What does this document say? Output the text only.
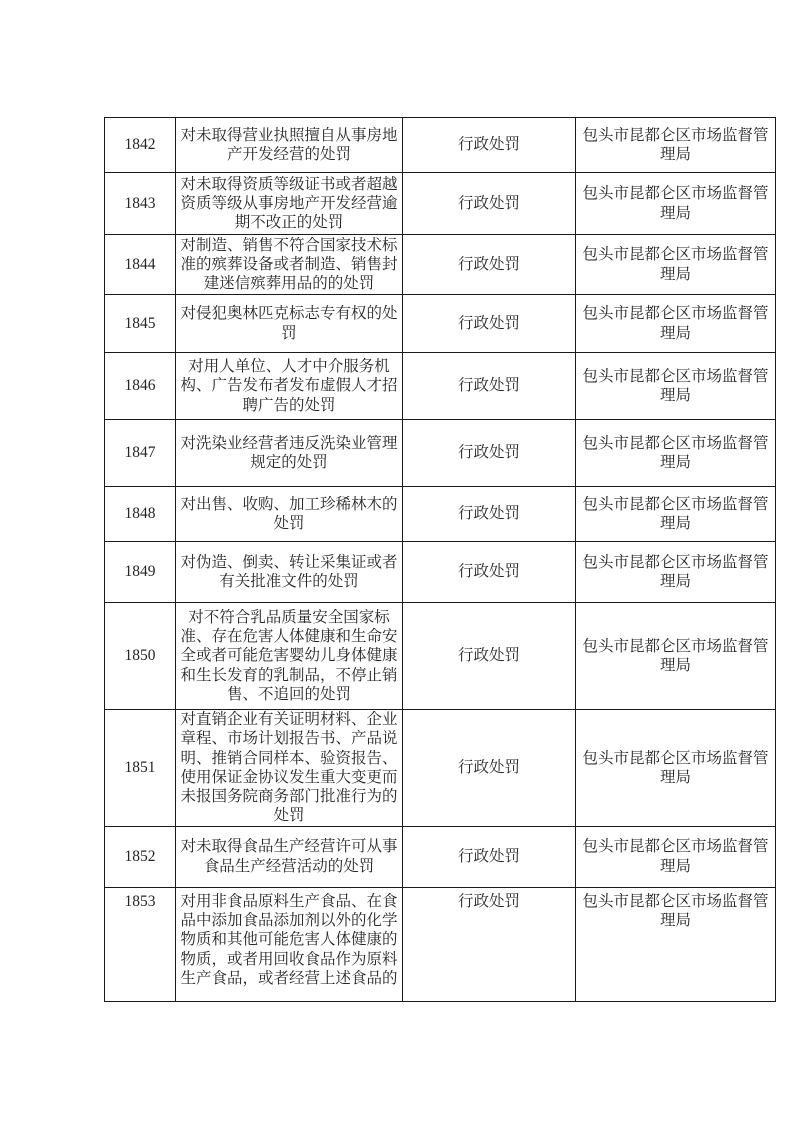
1842	对未取得营业执照擅自从事房地产开发经营的处罚	行政处罚	包头市昆都仑区市场监督管理局
1843	对未取得资质等级证书或者超越资质等级从事房地产开发经营逾期不改正的处罚	行政处罚	包头市昆都仑区市场监督管理局
1844	对制造、销售不符合国家技术标准的殡葬设备或者制造、销售封建迷信殡葬用品的的处罚	行政处罚	包头市昆都仑区市场监督管理局
1845	对侵犯奥林匹克标志专有权的处罚	行政处罚	包头市昆都仑区市场监督管理局
1846	对用人单位、人才中介服务机构、广告发布者发布虚假人才招聘广告的处罚	行政处罚	包头市昆都仑区市场监督管理局
1847	对洗染业经营者违反洗染业管理规定的处罚	行政处罚	包头市昆都仑区市场监督管理局
1848	对出售、收购、加工珍稀林木的处罚	行政处罚	包头市昆都仑区市场监督管理局
1849	对伪造、倒卖、转让采集证或者有关批准文件的处罚	行政处罚	包头市昆都仑区市场监督管理局
1850	对不符合乳品质量安全国家标准、存在危害人体健康和生命安全或者可能危害婴幼儿身体健康和生长发育的乳制品，不停止销售、不追回的处罚	行政处罚	包头市昆都仑区市场监督管理局
1851	对直销企业有关证明材料、企业章程、市场计划报告书、产品说明、推销合同样本、验资报告、使用保证金协议发生重大变更而未报国务院商务部门批准行为的处罚	行政处罚	包头市昆都仑区市场监督管理局
1852	对未取得食品生产经营许可从事食品生产经营活动的处罚	行政处罚	包头市昆都仑区市场监督管理局
1853	对用非食品原料生产食品、在食品中添加食品添加剂以外的化学物质和其他可能危害人体健康的物质，或者用回收食品作为原料生产食品，或者经营上述食品的	行政处罚	包头市昆都仑区市场监督管理局
